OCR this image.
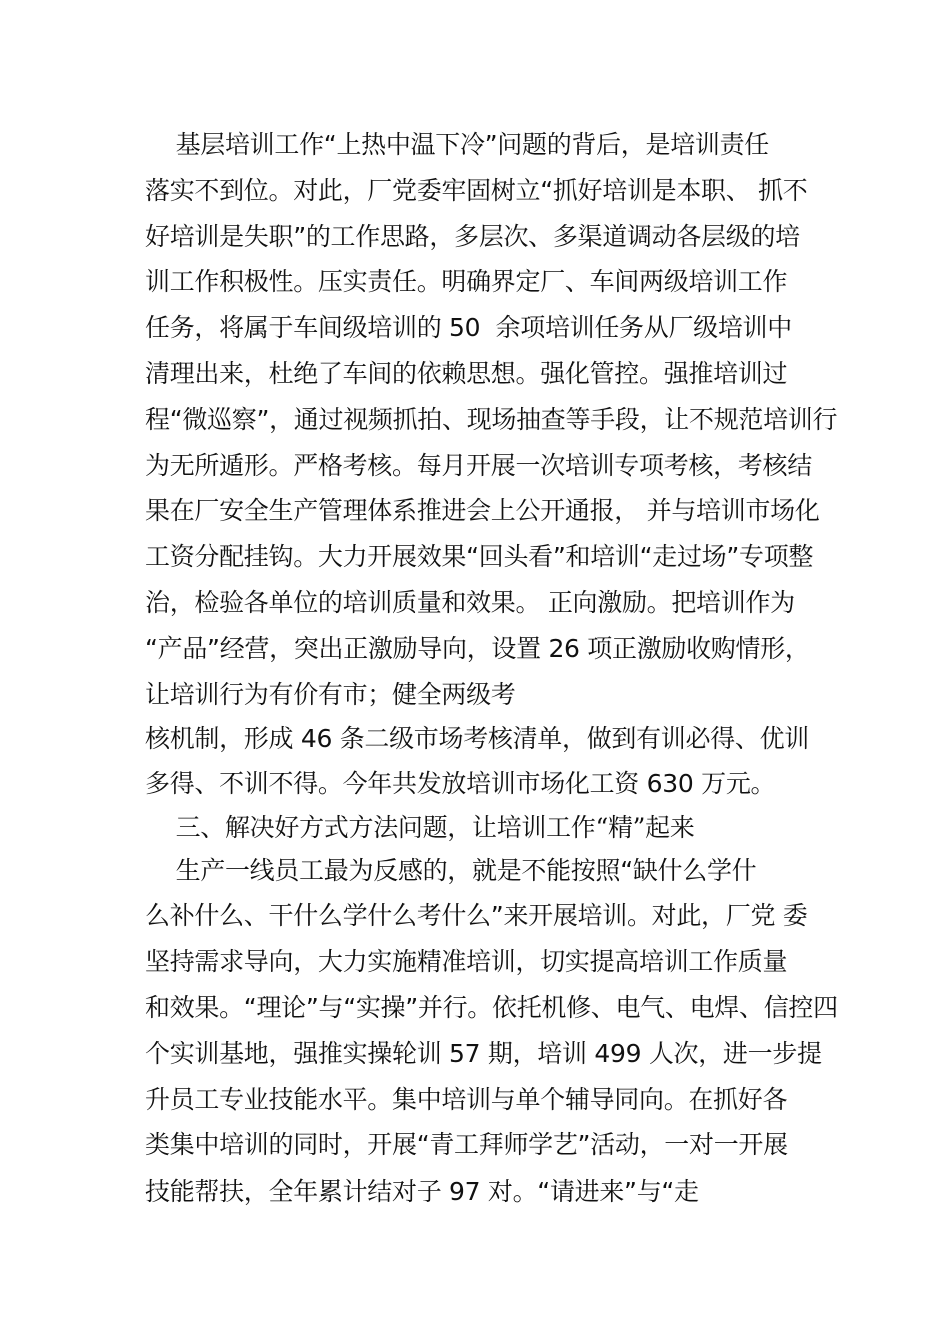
基层培训工作“上热中温下冷”问题的背后，是培训责任
落实不到位。对此，厂党委牢固树立“抓好培训是本职、 抓不
好培训是失职”的工作思路，多层次、多渠道调动各层级的培
训工作积极性。压实责任。明确界定厂、车间两级培训工作
任务，将属于车间级培训的 50  余项培训任务从厂级培训中
清理出来，杜绝了车间的依赖思想。强化管控。强推培训过
程“微巡察”，通过视频抓拍、现场抽查等手段，让不规范培训行
为无所遁形。严格考核。每月开展一次培训专项考核，考核结
果在厂安全生产管理体系推进会上公开通报， 并与培训市场化
工资分配挂钩。大力开展效果“回头看”和培训“走过场”专项整
治，检验各单位的培训质量和效果。 正向激励。把培训作为
“产品”经营，突出正激励导向，设置 26 项正激励收购情形，
让培训行为有价有市；健全两级考
核机制，形成 46 条二级市场考核清单，做到有训必得、优训
多得、不训不得。今年共发放培训市场化工资 630 万元。
三、解决好方式方法问题，让培训工作“精”起来
生产一线员工最为反感的，就是不能按照“缺什么学什
么补什么、干什么学什么考什么”来开展培训。对此，厂党 委
坚持需求导向，大力实施精准培训，切实提高培训工作质量
和效果。“理论”与“实操”并行。依托机修、电气、电焊、信控四
个实训基地，强推实操轮训 57 期，培训 499 人次，进一步提
升员工专业技能水平。集中培训与单个辅导同向。在抓好各
类集中培训的同时，开展“青工拜师学艺”活动，一对一开展
技能帮扶，全年累计结对子 97 对。“请进来”与“走
